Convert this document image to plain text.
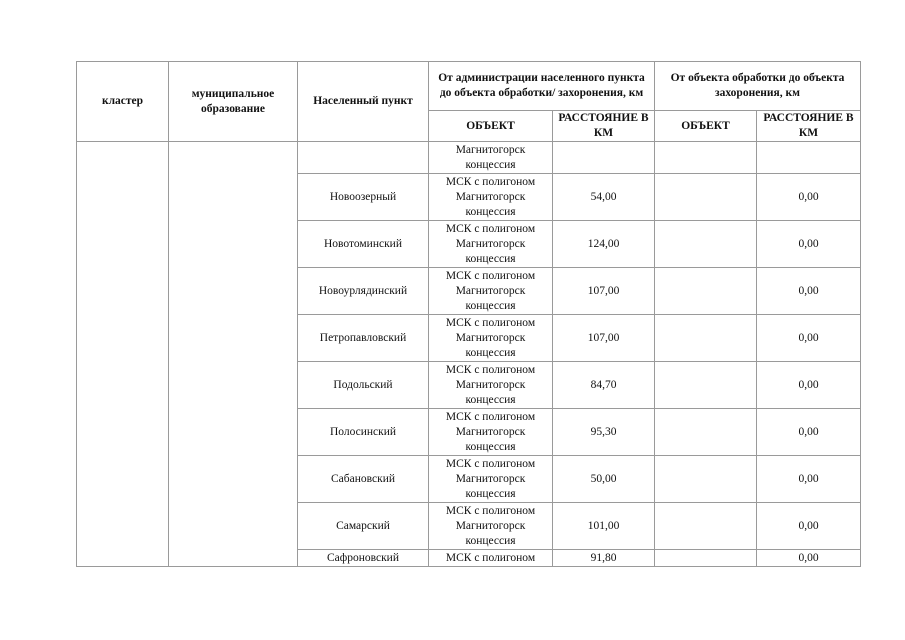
кластер	муниципальное образование	Населенный пункт	От администрации населенного пункта до объекта обработки/ захоронения, км		От объекта обработки до объекта захоронения, км	
			ОБЪЕКТ	РАССТОЯНИЕ В КМ	ОБЪЕКТ	РАССТОЯНИЕ В КМ
			Магнитогорск концессия			
		Новоозерный	МСК с полигоном Магнитогорск концессия	54,00		0,00
		Новотоминский	МСК с полигоном Магнитогорск концессия	124,00		0,00
		Новоурлядинский	МСК с полигоном Магнитогорск концессия	107,00		0,00
		Петропавловский	МСК с полигоном Магнитогорск концессия	107,00		0,00
		Подольский	МСК с полигоном Магнитогорск концессия	84,70		0,00
		Полосинский	МСК с полигоном Магнитогорск концессия	95,30		0,00
		Сабановский	МСК с полигоном Магнитогорск концессия	50,00		0,00
		Самарский	МСК с полигоном Магнитогорск концессия	101,00		0,00
		Сафроновский	МСК с полигоном	91,80		0,00
